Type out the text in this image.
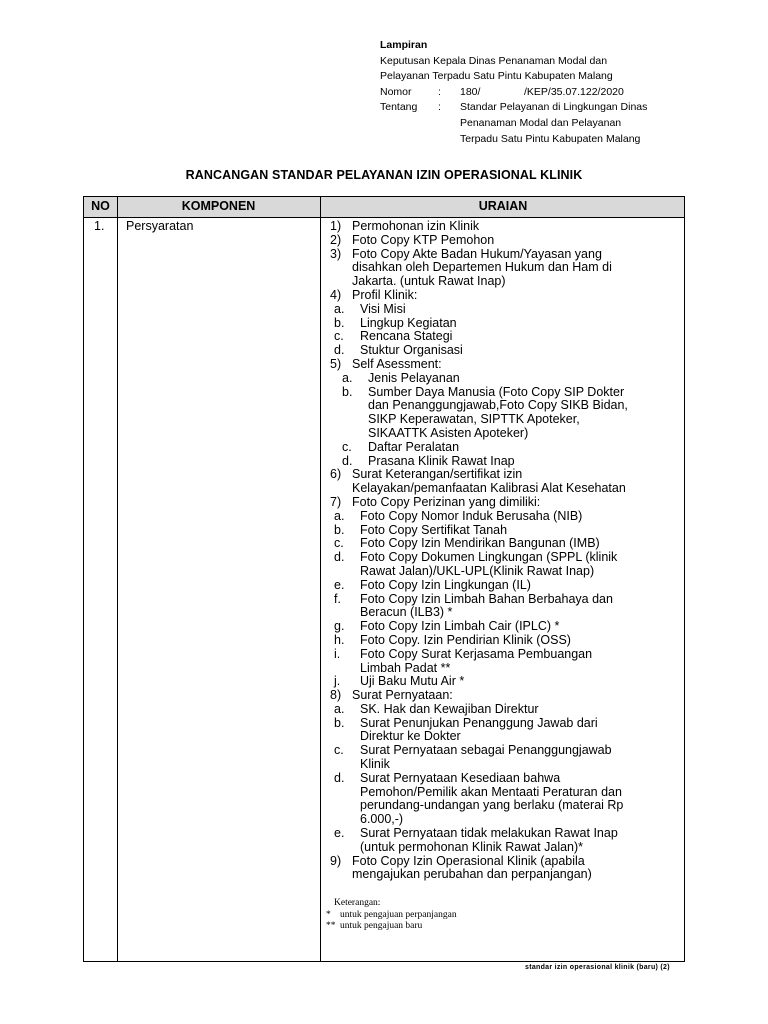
Lampiran
Keputusan Kepala Dinas Penanaman Modal dan
Pelayanan Terpadu Satu Pintu Kabupaten Malang
Nomor	:	180/	/KEP/35.07.122/2020
Tentang	:	Standar Pelayanan di Lingkungan Dinas
Penanaman Modal dan Pelayanan
Terpadu Satu Pintu Kabupaten Malang
RANCANGAN STANDAR PELAYANAN IZIN OPERASIONAL KLINIK
NO	KOMPONEN	URAIAN
1. Persyaratan	1) Permohonan izin Klinik
2) Foto Copy KTP Pemohon
3) Foto Copy Akte Badan Hukum/Yayasan yang
disahkan oleh Departemen Hukum dan Ham di
Jakarta. (untuk Rawat Inap)
4) Profil Klinik:
a.	Visi Misi
b.	Lingkup Kegiatan
c.	Rencana Stategi
d.	Stuktur Organisasi
5) Self Asessment:
a.	Jenis Pelayanan
b.	Sumber Daya Manusia (Foto Copy SIP Dokter
dan Penanggungjawab,Foto Copy SIKB Bidan,
SIKP Keperawatan, SIPTTK Apoteker,
SIKAATTK Asisten Apoteker)
c.	Daftar Peralatan
d.	Prasana Klinik Rawat Inap
6) Surat Keterangan/sertifikat izin
Kelayakan/pemanfaatan Kalibrasi Alat Kesehatan
7) Foto Copy Perizinan yang dimiliki:
a.	Foto Copy Nomor Induk Berusaha (NIB)
b.	Foto Copy Sertifikat Tanah
c.	Foto Copy Izin Mendirikan Bangunan (IMB)
d.	Foto Copy Dokumen Lingkungan (SPPL (klinik
Rawat Jalan)/UKL-UPL(Klinik Rawat Inap)
e.	Foto Copy Izin Lingkungan (IL)
f.	Foto Copy Izin Limbah Bahan Berbahaya dan
Beracun (ILB3) *
g.	Foto Copy Izin Limbah Cair (IPLC) *
h.	Foto Copy. Izin Pendirian Klinik (OSS)
i.	Foto Copy Surat Kerjasama Pembuangan
Limbah Padat **
j.	Uji Baku Mutu Air *
8) Surat Pernyataan:
a.	SK. Hak dan Kewajiban Direktur
b.	Surat Penunjukan Penanggung Jawab dari
Direktur ke Dokter
c.	Surat Pernyataan sebagai Penanggungjawab
Klinik
d.	Surat Pernyataan Kesediaan bahwa
Pemohon/Pemilik akan Mentaati Peraturan dan
perundang-undangan yang berlaku (materai Rp
6.000,-)
e.	Surat Pernyataan tidak melakukan Rawat Inap
(untuk permohonan Klinik Rawat Jalan)*
9) Foto Copy Izin Operasional Klinik (apabila
mengajukan perubahan dan perpanjangan)
Keterangan:
* untuk pengajuan perpanjangan
** untuk pengajuan baru
standar izin operasional klinik (baru) (2)
